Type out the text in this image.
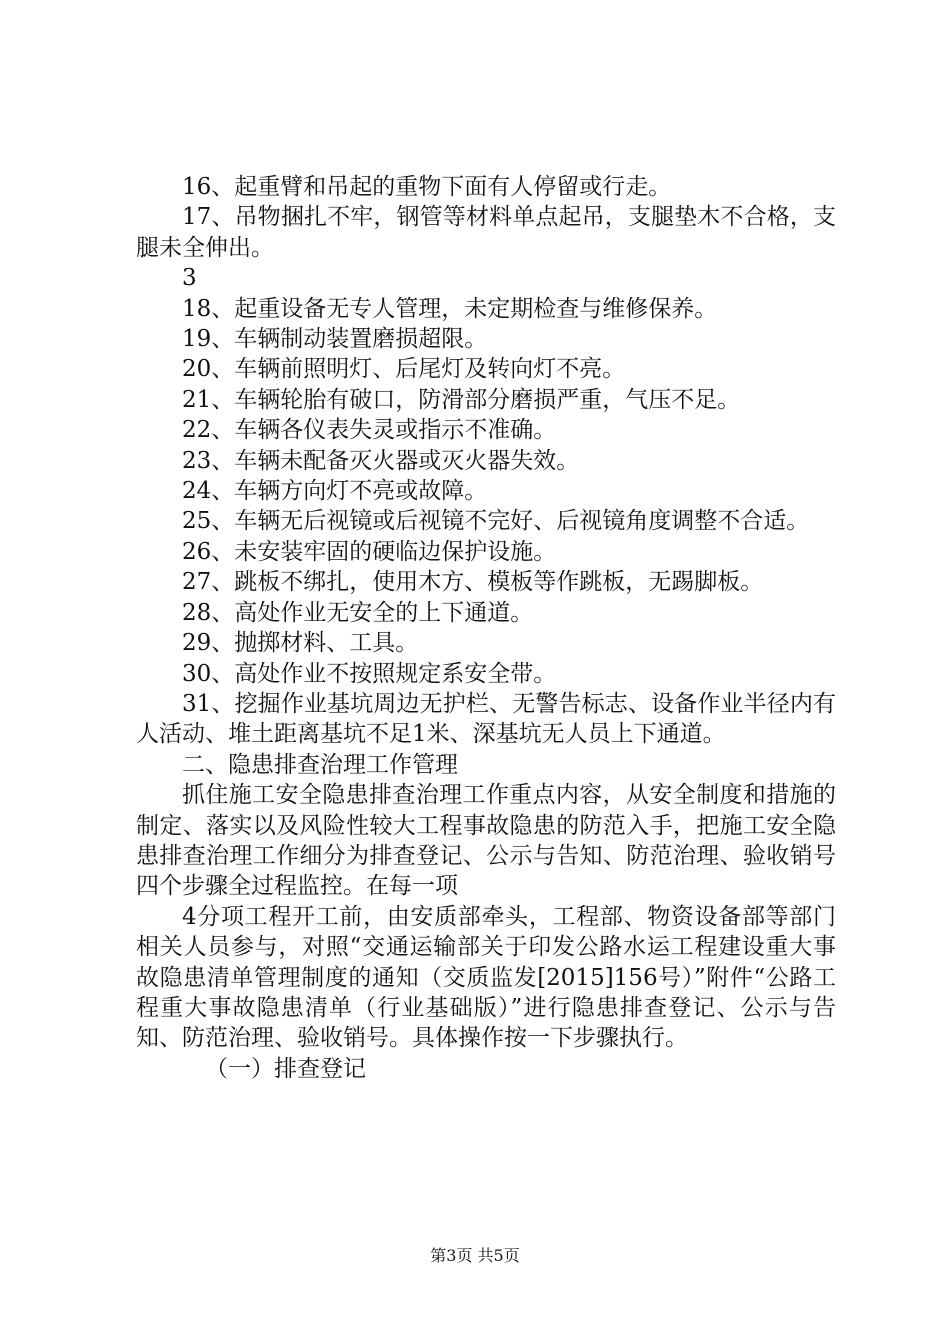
16、起重臂和吊起的重物下面有人停留或行走。

17、吊物捆扎不牢，钢管等材料单点起吊，支腿垫木不合格，支腿未全伸出。

3

18、起重设备无专人管理，未定期检查与维修保养。

19、车辆制动装置磨损超限。

20、车辆前照明灯、后尾灯及转向灯不亮。

21、车辆轮胎有破口，防滑部分磨损严重，气压不足。

22、车辆各仪表失灵或指示不准确。

23、车辆未配备灭火器或灭火器失效。

24、车辆方向灯不亮或故障。

25、车辆无后视镜或后视镜不完好、后视镜角度调整不合适。

26、未安装牢固的硬临边保护设施。

27、跳板不绑扎，使用木方、模板等作跳板，无踢脚板。

28、高处作业无安全的上下通道。

29、抛掷材料、工具。

30、高处作业不按照规定系安全带。

31、挖掘作业基坑周边无护栏、无警告标志、设备作业半径内有人活动、堆土距离基坑不足1米、深基坑无人员上下通道。

二、隐患排查治理工作管理

抓住施工安全隐患排查治理工作重点内容，从安全制度和措施的制定、落实以及风险性较大工程事故隐患的防范入手，把施工安全隐患排查治理工作细分为排查登记、公示与告知、防范治理、验收销号四个步骤全过程监控。在每一项

4分项工程开工前，由安质部牵头，工程部、物资设备部等部门相关人员参与，对照“交通运输部关于印发公路水运工程建设重大事故隐患清单管理制度的通知（交质监发[2015]156号）”附件“公路工程重大事故隐患清单（行业基础版）”进行隐患排查登记、公示与告知、防范治理、验收销号。具体操作按一下步骤执行。

（一）排查登记

第3页 共5页
